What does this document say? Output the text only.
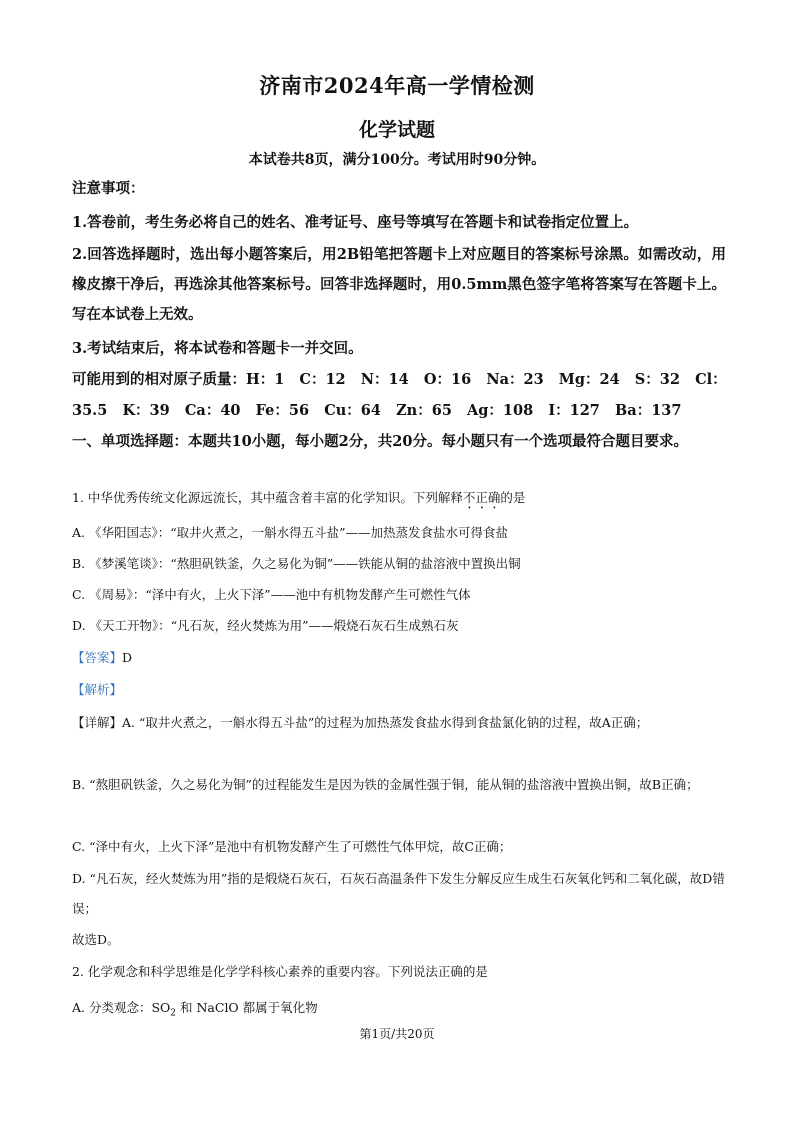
济南市2024年高一学情检测
化学试题
本试卷共8页，满分100分。考试用时90分钟。
注意事项：
1.答卷前，考生务必将自己的姓名、准考证号、座号等填写在答题卡和试卷指定位置上。
2.回答选择题时，选出每小题答案后，用2B铅笔把答题卡上对应题目的答案标号涂黑。如需改动，用橡皮擦干净后，再选涂其他答案标号。回答非选择题时，用0.5mm黑色签字笔将答案写在答题卡上。写在本试卷上无效。
3.考试结束后，将本试卷和答题卡一并交回。
可能用到的相对原子质量：H：1   C：12   N：14   O：16   Na：23   Mg：24   S：32   Cl：
35.5   K：39   Ca：40   Fe：56   Cu：64   Zn：65   Ag：108   I：127   Ba：137
一、单项选择题：本题共10小题，每小题2分，共20分。每小题只有一个选项最符合题目要求。
1. 中华优秀传统文化源远流长，其中蕴含着丰富的化学知识。下列解释不正确的是
A. 《华阳国志》：“取井火煮之，一斛水得五斗盐”——加热蒸发食盐水可得食盐
B. 《梦溪笔谈》：“熬胆矾铁釜，久之易化为铜”——铁能从铜的盐溶液中置换出铜
C. 《周易》：“泽中有火，上火下泽”——池中有机物发酵产生可燃性气体
D. 《天工开物》：“凡石灰，经火焚炼为用”——煅烧石灰石生成熟石灰
【答案】D
【解析】
【详解】A. “取井火煮之，一斛水得五斗盐”的过程为加热蒸发食盐水得到食盐氯化钠的过程，故A正确；
B. “熬胆矾铁釜，久之易化为铜”的过程能发生是因为铁的金属性强于铜，能从铜的盐溶液中置换出铜，故B正确；
C. “泽中有火，上火下泽”是池中有机物发酵产生了可燃性气体甲烷，故C正确；
D. “凡石灰，经火焚炼为用”指的是煅烧石灰石，石灰石高温条件下发生分解反应生成生石灰氧化钙和二氧化碳，故D错误；
故选D。
2. 化学观念和科学思维是化学学科核心素养的重要内容。下列说法正确的是
A. 分类观念：$SO_2$ 和 NaClO 都属于氧化物
第1页/共20页
